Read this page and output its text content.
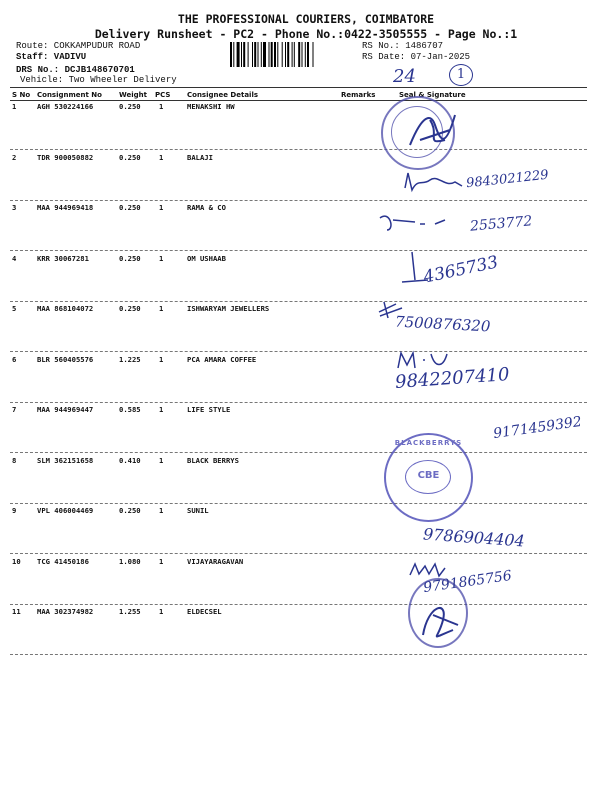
THE PROFESSIONAL COURIERS, COIMBATORE
Delivery Runsheet - PC2 - Phone No.:0422-3505555 - Page No.:1
Route: COKKAMPUDUR ROAD
Staff: VADIVU
DRS No.: DCJB148670701
Vehicle: Two Wheeler Delivery
RS No.: 1486707
RS Date: 07-Jan-2025
24	1
S No Consignment No Weight PCS Consignee Details	Remarks	Seal & Signature
1	AGH 530224166	0.250	1	MENAKSHI HW
2	TDR 900050882	0.250	1	BALAJI
3	MAA 944969418	0.250	1	RAMA & CO
4	KRR 30067281	0.250	1	OM USHAAB
5	MAA 868104072	0.250	1	ISHWARYAM JEWELLERS
6	BLR 560405576	1.225	1	PCA AMARA COFFEE
7	MAA 944969447	0.585	1	LIFE STYLE
8	SLM 362151658	0.410	1	BLACK BERRYS
9	VPL 406004469	0.250	1	SUNIL
10 TCG 41450186	1.080	1	VIJAYARAGAVAN
11 MAA 302374982	1.255	1	ELDECSEL
CBE
BLACKBERRYS
9843021229
2553772
4365733
7500876320
9842207410
9171459392
9786904404
9791865756
